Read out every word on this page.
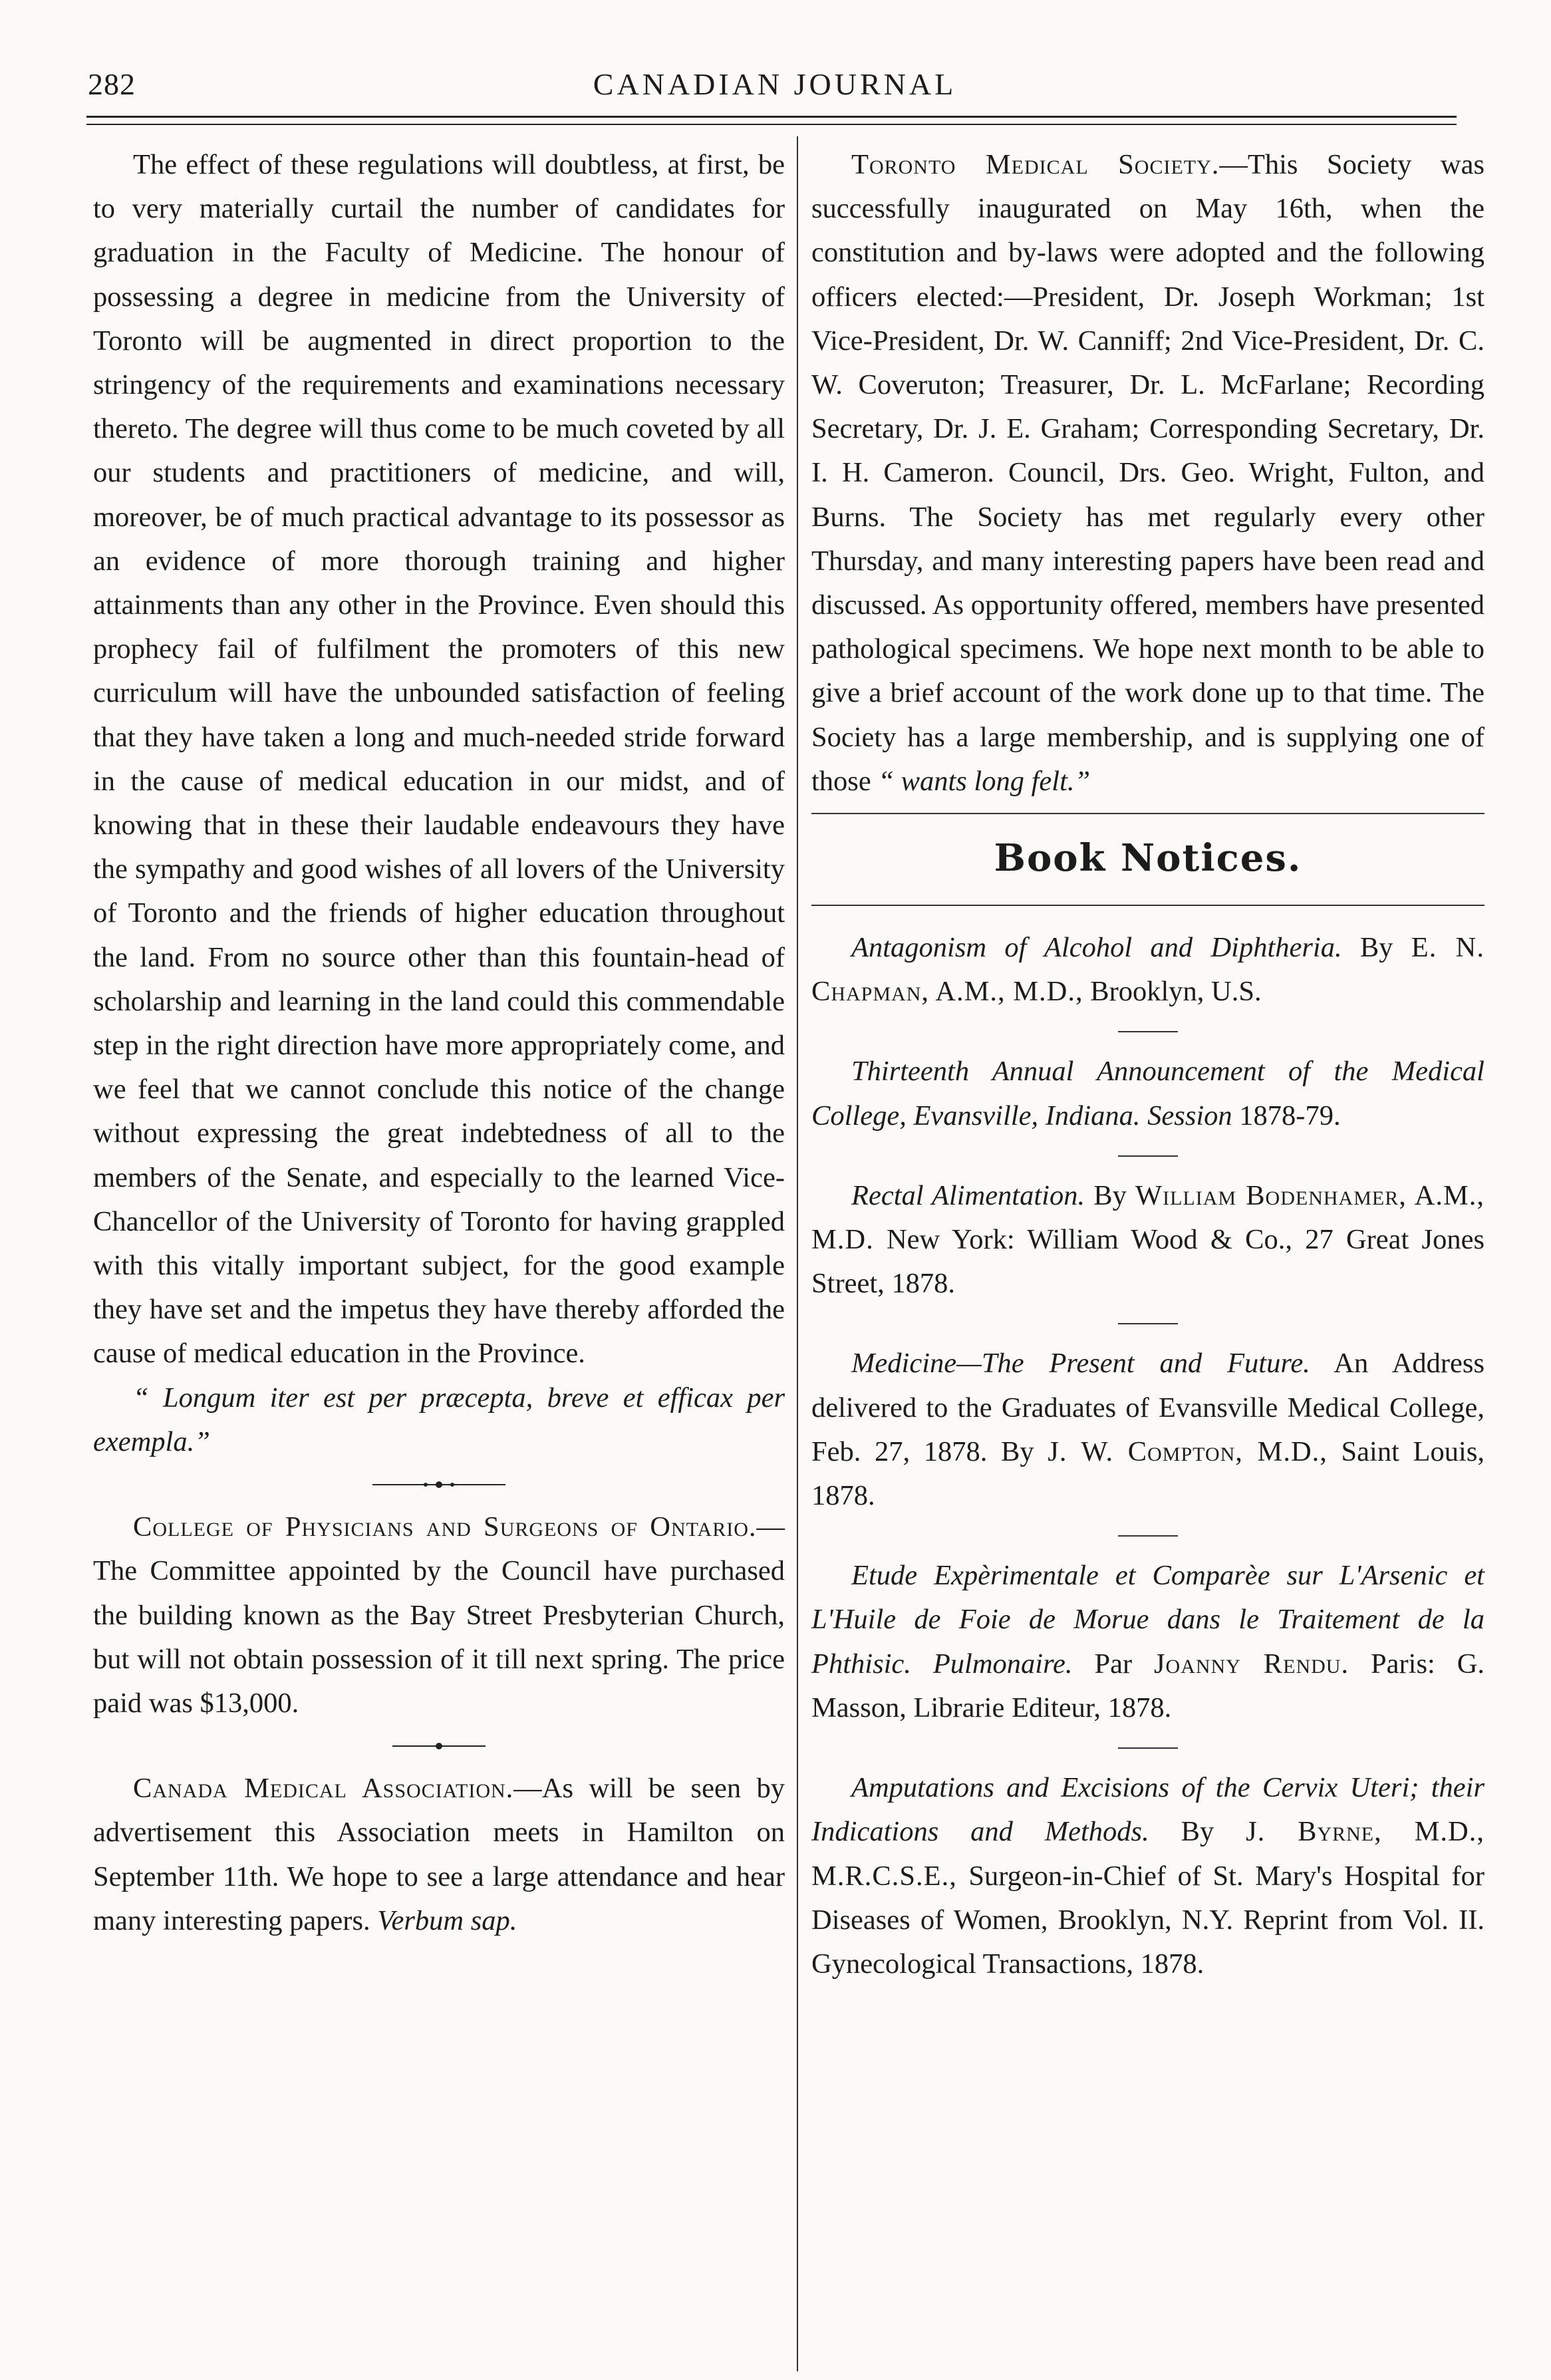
282	CANADIAN JOURNAL

The effect of these regulations will doubtless, at first, be to very materially curtail the number of candidates for graduation in the Faculty of Medicine. The honour of possessing a degree in medicine from the University of Toronto will be augmented in direct proportion to the stringency of the requirements and examinations necessary thereto. The degree will thus come to be much coveted by all our students and practitioners of medicine, and will, moreover, be of much practical advantage to its possessor as an evidence of more thorough training and higher attainments than any other in the Province. Even should this prophecy fail of fulfilment the promoters of this new curriculum will have the unbounded satisfaction of feeling that they have taken a long and much-needed stride forward in the cause of medical education in our midst, and of knowing that in these their laudable endeavours they have the sympathy and good wishes of all lovers of the University of Toronto and the friends of higher education throughout the land. From no source other than this fountain-head of scholarship and learning in the land could this commendable step in the right direction have more appropriately come, and we feel that we cannot conclude this notice of the change without expressing the great indebtedness of all to the members of the Senate, and especially to the learned Vice-Chancellor of the University of Toronto for having grappled with this vitally important subject, for the good example they have set and the impetus they have thereby afforded the cause of medical education in the Province.

“ Longum iter est per præcepta, breve et efficax per exempla.”

College of Physicians and Surgeons of Ontario.—The Committee appointed by the Council have purchased the building known as the Bay Street Presbyterian Church, but will not obtain possession of it till next spring. The price paid was $13,000.

Canada Medical Association.—As will be seen by advertisement this Association meets in Hamilton on September 11th. We hope to see a large attendance and hear many interesting papers. Verbum sap.

Toronto Medical Society.—This Society was successfully inaugurated on May 16th, when the constitution and by-laws were adopted and the following officers elected:—President, Dr. Joseph Workman; 1st Vice-President, Dr. W. Canniff; 2nd Vice-President, Dr. C. W. Coveruton; Treasurer, Dr. L. McFarlane; Recording Secretary, Dr. J. E. Graham; Corresponding Secretary, Dr. I. H. Cameron. Council, Drs. Geo. Wright, Fulton, and Burns. The Society has met regularly every other Thursday, and many interesting papers have been read and discussed. As opportunity offered, members have presented pathological specimens. We hope next month to be able to give a brief account of the work done up to that time. The Society has a large membership, and is supplying one of those “ wants long felt.”

Book Notices.

Antagonism of Alcohol and Diphtheria. By E. N. Chapman, A.M., M.D., Brooklyn, U.S.

Thirteenth Annual Announcement of the Medical College, Evansville, Indiana. Session 1878-79.

Rectal Alimentation. By William Bodenhamer, A.M., M.D. New York: William Wood & Co., 27 Great Jones Street, 1878.

Medicine—The Present and Future. An Address delivered to the Graduates of Evansville Medical College, Feb. 27, 1878. By J. W. Compton, M.D., Saint Louis, 1878.

Etude Expèrimentale et Comparèe sur L'Arsenic et L'Huile de Foie de Morue dans le Traitement de la Phthisic. Pulmonaire. Par Joanny Rendu. Paris: G. Masson, Librarie Editeur, 1878.

Amputations and Excisions of the Cervix Uteri; their Indications and Methods. By J. Byrne, M.D., M.R.C.S.E., Surgeon-in-Chief of St. Mary's Hospital for Diseases of Women, Brooklyn, N.Y. Reprint from Vol. II. Gynecological Transactions, 1878.
